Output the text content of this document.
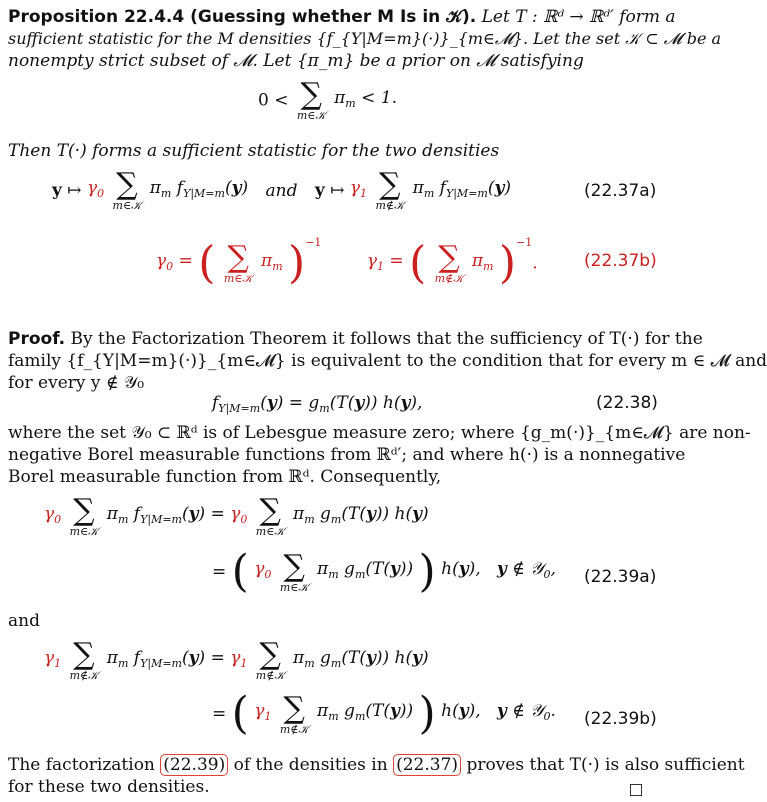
Proposition 22.4.4 (Guessing whether M Is in 𝒦). Let T : ℝᵈ → ℝᵈ′ form a
sufficient statistic for the M densities {f_{Y|M=m}(·)}_{m∈𝓜}. Let the set 𝒦 ⊂ 𝓜 be a
nonempty strict subset of 𝓜. Let {π_m} be a prior on 𝓜 satisfying
0 < ∑
m∈𝒦
$\pi_m < 1$.
Then T(·) forms a sufficient statistic for the two densities
y ↦ $\gamma_0$ ∑
m∈𝒦
$\pi_m$ $f_{Y|M=m}(y)$ and y ↦ $\gamma_1$ ∑
m∉𝒦
$\pi_m$ $f_{Y|M=m}(y)$	(22.37a)
$\gamma_0$ = ( ∑
m∈𝒦
$\pi_m$ )$^{-1}$ $\gamma_1$ = ( ∑
m∉𝒦
$\pi_m$ )$^{-1}$.	(22.37b)
Proof. By the Factorization Theorem it follows that the sufficiency of T(·) for the
family {f_{Y|M=m}(·)}_{m∈𝓜} is equivalent to the condition that for every m ∈ 𝓜 and
for every y ∉ 𝒴₀
$f_{Y|M=m}(y) = g_m(T(y))$ h(y),	(22.38)
where the set 𝒴₀ ⊂ ℝᵈ is of Lebesgue measure zero; where {g_m(·)}_{m∈𝓜} are non-
negative Borel measurable functions from ℝᵈ′; and where h(·) is a nonnegative
Borel measurable function from ℝᵈ. Consequently,
$\gamma_0$ ∑
m∈𝒦
$\pi_m$ $f_{Y|M=m}(y) = \gamma_0$ ∑
m∈𝒦
$\pi_m$ $g_m(T(y))$ h(y)
= ( $\gamma_0$ ∑
m∈𝒦
$\pi_m$ $g_m(T(y))$ ) h(y),   y ∉ 𝒴$_0$, (22.39a)
and
$\gamma_1$ ∑
m∉𝒦
$\pi_m$ $f_{Y|M=m}(y) = \gamma_1$ ∑
m∉𝒦
$\pi_m$ $g_m(T(y))$ h(y)
= ( $\gamma_1$ ∑
m∉𝒦
$\pi_m$ $g_m(T(y))$ ) h(y),   y ∉ 𝒴$_0$. (22.39b)
The factorization (22.39) of the densities in (22.37) proves that T(·) is also sufficient
for these two densities.
